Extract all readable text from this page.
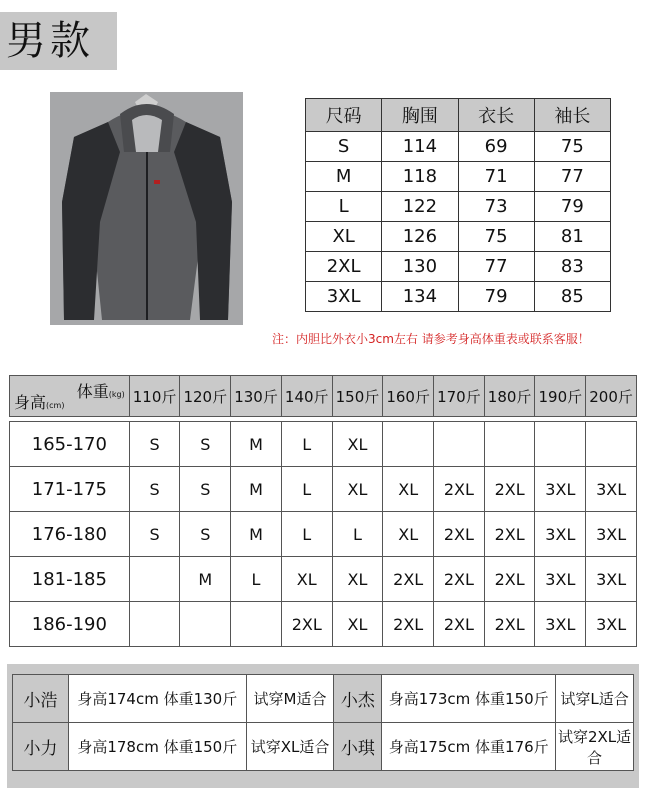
男款
尺码	胸围	衣长	袖长
S	114	69	75
M	118	71	77
L	122	73	79
XL	126	75	81
2XL	130	77	83
3XL	134	79	85
注：内胆比外衣小3cm左右 请参考身高体重表或联系客服！
体重(kg)
身高(cm)	110斤	120斤	130斤	140斤	150斤	160斤	170斤	180斤	190斤	200斤

165-170	S	S	M	L	XL					
171-175	S	S	M	L	XL	XL	2XL	2XL	3XL	3XL
176-180	S	S	M	L	L	XL	2XL	2XL	3XL	3XL
181-185		M	L	XL	XL	2XL	2XL	2XL	3XL	3XL
186-190				2XL	XL	2XL	2XL	2XL	3XL	3XL
小浩	身高174cm 体重130斤	试穿M适合	小杰	身高173cm 体重150斤	试穿L适合
小力	身高178cm 体重150斤	试穿XL适合	小琪	身高175cm 体重176斤	试穿2XL适合
